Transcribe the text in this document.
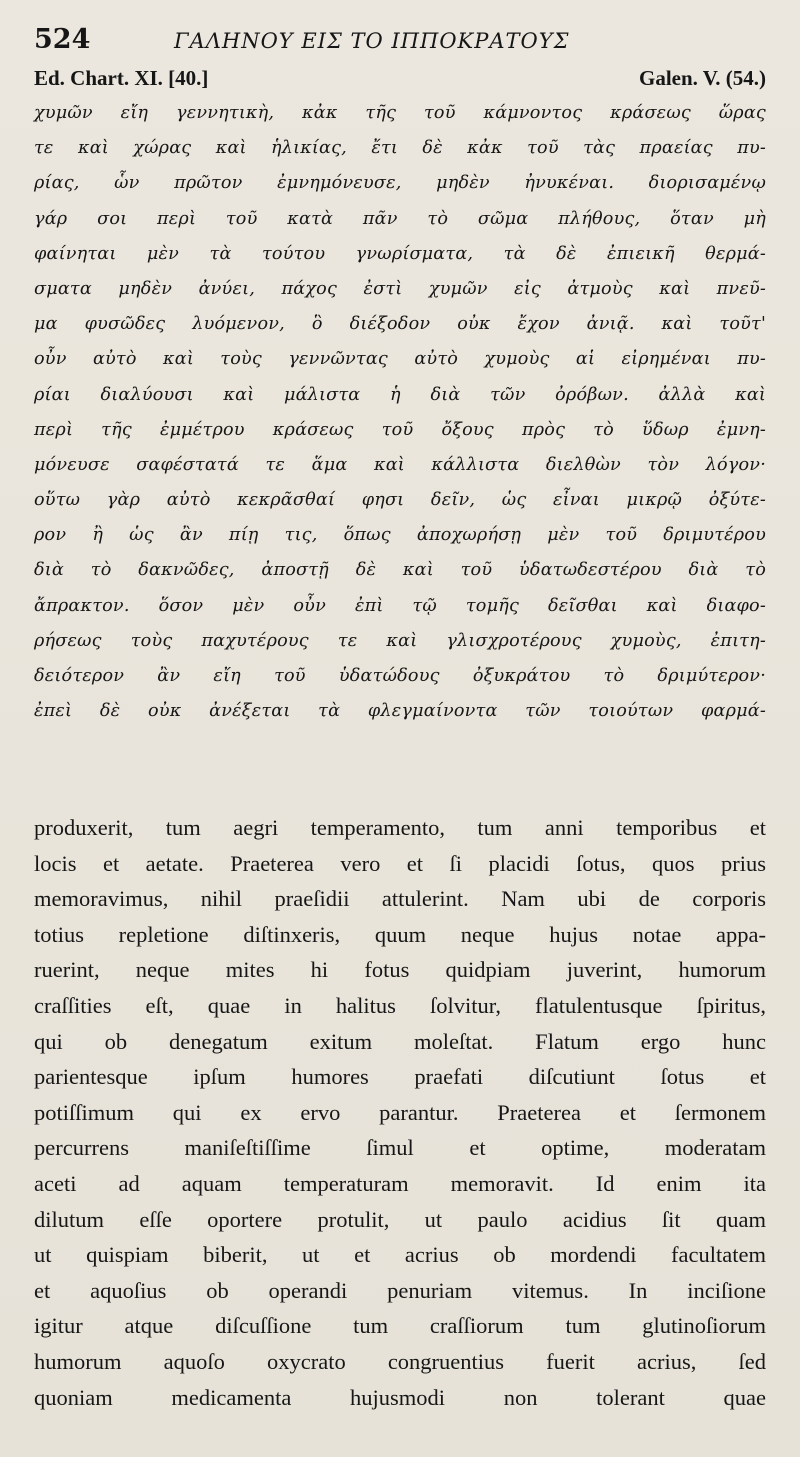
524	ΓΑΛΗΝΟΥ ΕΙΣ ΤΟ ΙΠΠΟΚΡΑΤΟΥΣ
Ed. Chart. XI. [40.]	Galen. V. (54.)
χυμῶν εἴη γεννητικὴ, κἀκ τῆς τοῦ κάμνοντος κράσεως ὥρας
τε καὶ χώρας καὶ ἡλικίας, ἔτι δὲ κἀκ τοῦ τὰς πραείας πυ-
ρίας, ὧν πρῶτον ἐμνημόνευσε, μηδὲν ἠνυκέναι. διορισαμένῳ
γάρ σοι περὶ τοῦ κατὰ πᾶν τὸ σῶμα πλήθους, ὅταν μὴ
φαίνηται μὲν τὰ τούτου γνωρίσματα, τὰ δὲ ἐπιεικῆ θερμά-
σματα μηδὲν ἀνύει, πάχος ἐστὶ χυμῶν εἰς ἀτμοὺς καὶ πνεῦ-
μα φυσῶδες λυόμενον, ὃ διέξοδον οὐκ ἔχον ἀνιᾷ. καὶ τοῦτ'
οὖν αὐτὸ καὶ τοὺς γεννῶντας αὐτὸ χυμοὺς αἱ εἰρημέναι πυ-
ρίαι διαλύουσι καὶ μάλιστα ἡ διὰ τῶν ὀρόβων. ἀλλὰ καὶ
περὶ τῆς ἐμμέτρου κράσεως τοῦ ὄξους πρὸς τὸ ὕδωρ ἐμνη-
μόνευσε σαφέστατά τε ἅμα καὶ κάλλιστα διελθὼν τὸν λόγον·
οὕτω γὰρ αὐτὸ κεκρᾶσθαί φησι δεῖν, ὡς εἶναι μικρῷ ὀξύτε-
ρον ἢ ὡς ἂν πίῃ τις, ὅπως ἀποχωρήσῃ μὲν τοῦ δριμυτέρου
διὰ τὸ δακνῶδες, ἀποστῇ δὲ καὶ τοῦ ὑδατωδεστέρου διὰ τὸ
ἄπρακτον. ὅσον μὲν οὖν ἐπὶ τῷ τομῆς δεῖσθαι καὶ διαφο-
ρήσεως τοὺς παχυτέρους τε καὶ γλισχροτέρους χυμοὺς, ἐπιτη-
δειότερον ἂν εἴη τοῦ ὑδατώδους ὀξυκράτου τὸ δριμύτερον·
ἐπεὶ δὲ οὐκ ἀνέξεται τὰ φλεγμαίνοντα τῶν τοιούτων φαρμά-
produxerit, tum aegri temperamento, tum anni temporibus et
locis et aetate. Praeterea vero et ſi placidi ſotus, quos prius
memoravimus, nihil praeſidii attulerint. Nam ubi de corporis
totius repletione diſtinxeris, quum neque hujus notae appa-
ruerint, neque mites hi fotus quidpiam juverint, humorum
craſſities eſt, quae in halitus ſolvitur, flatulentusque ſpiritus,
qui ob denegatum exitum moleſtat. Flatum ergo hunc
parientesque ipſum humores praefati diſcutiunt ſotus et
potiſſimum qui ex ervo parantur. Praeterea et ſermonem
percurrens maniſeſtiſſime ſimul et optime, moderatam
aceti ad aquam temperaturam memoravit. Id enim ita
dilutum eſſe oportere protulit, ut paulo acidius ſit quam
ut quispiam biberit, ut et acrius ob mordendi facultatem
et aquoſius ob operandi penuriam vitemus. In inciſione
igitur atque diſcuſſione tum craſſiorum tum glutinoſiorum
humorum aquoſo oxycrato congruentius fuerit acrius, ſed
quoniam medicamenta hujusmodi non tolerant quae
